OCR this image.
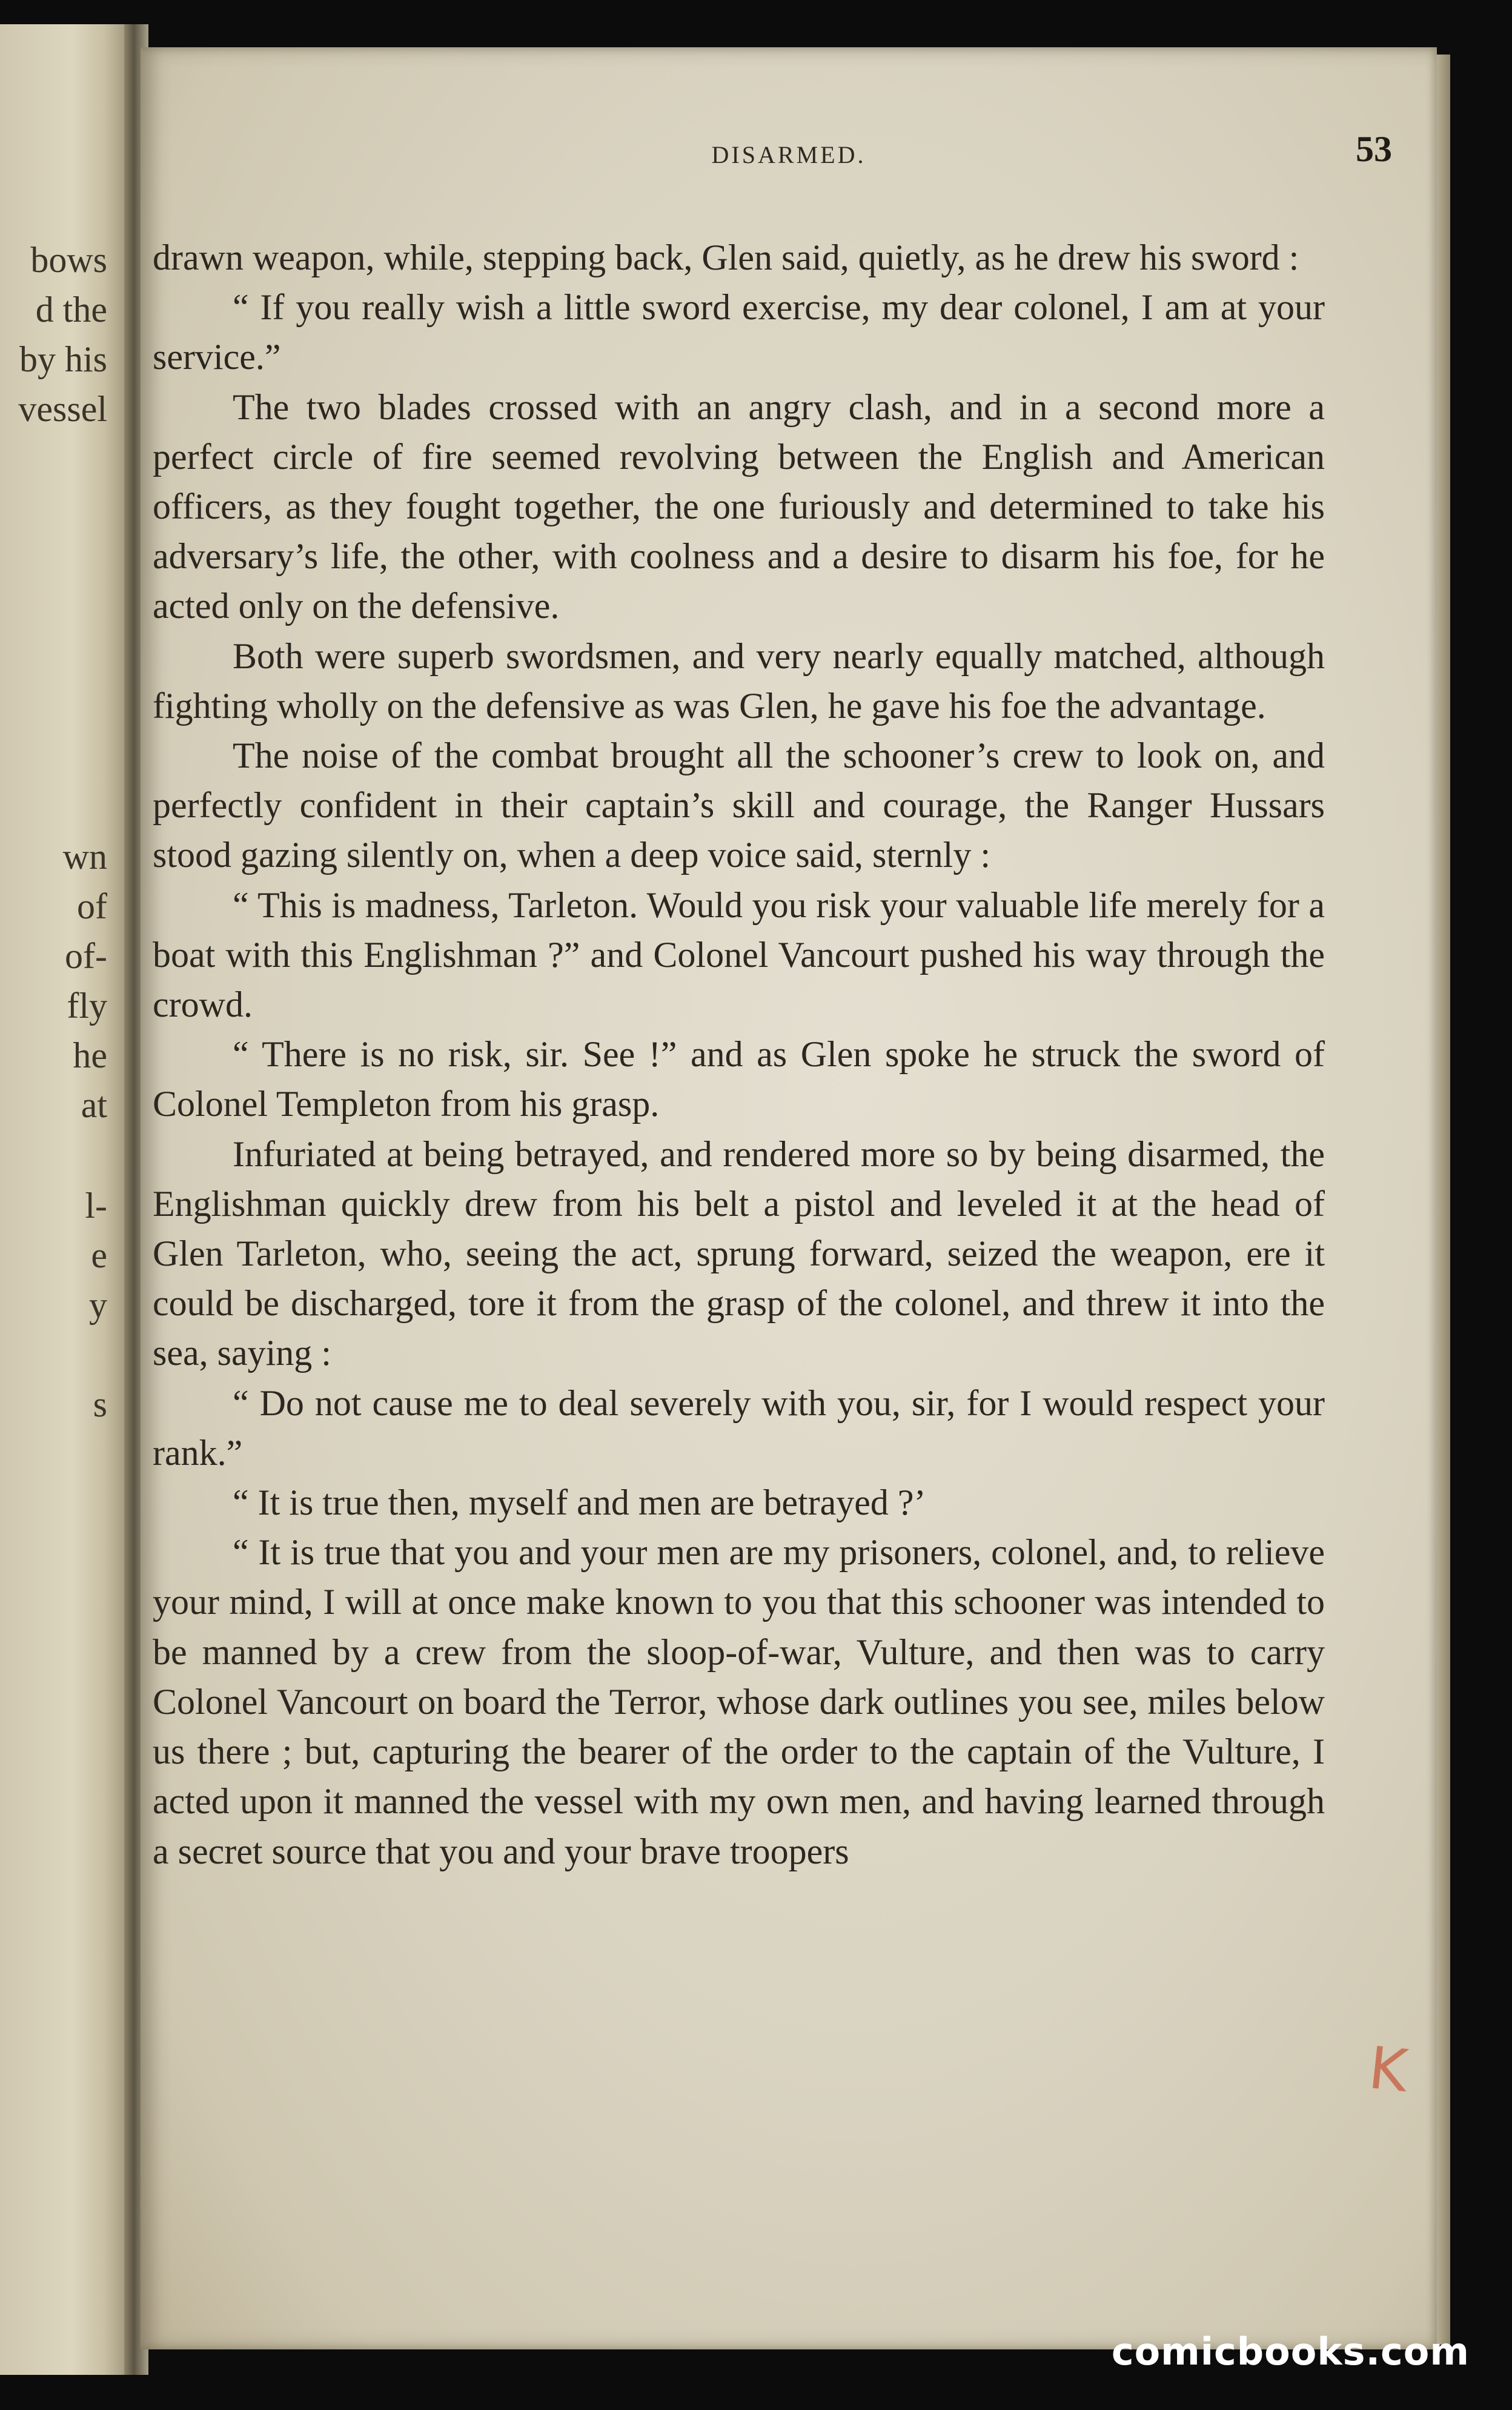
bows
d the
by his
vessel
wn
of
of-
fly
he
at
l-
e
y
s
DISARMED.	53

drawn weapon, while, stepping back, Glen said, quietly, as he drew his sword :

“ If you really wish a little sword exercise, my dear colonel, I am at your service.”

The two blades crossed with an angry clash, and in a second more a perfect circle of fire seemed revolving between the English and American officers, as they fought together, the one furiously and determined to take his adversary’s life, the other, with coolness and a desire to disarm his foe, for he acted only on the defensive.

Both were superb swordsmen, and very nearly equally matched, although fighting wholly on the defensive as was Glen, he gave his foe the advantage.

The noise of the combat brought all the schooner’s crew to look on, and perfectly confident in their captain’s skill and courage, the Ranger Hussars stood gazing silently on, when a deep voice said, sternly :

“ This is madness, Tarleton. Would you risk your valuable life merely for a boat with this Englishman ?” and Colonel Vancourt pushed his way through the crowd.

“ There is no risk, sir. See !” and as Glen spoke he struck the sword of Colonel Templeton from his grasp.

Infuriated at being betrayed, and rendered more so by being disarmed, the Englishman quickly drew from his belt a pistol and leveled it at the head of Glen Tarleton, who, seeing the act, sprung forward, seized the weapon, ere it could be discharged, tore it from the grasp of the colonel, and threw it into the sea, saying :

“ Do not cause me to deal severely with you, sir, for I would respect your rank.”

“ It is true then, myself and men are betrayed ?’

“ It is true that you and your men are my prisoners, colonel, and, to relieve your mind, I will at once make known to you that this schooner was intended to be manned by a crew from the sloop-of-war, Vulture, and then was to carry Colonel Vancourt on board the Terror, whose dark outlines you see, miles below us there ; but, capturing the bearer of the order to the captain of the Vulture, I acted upon it manned the vessel with my own men, and having learned through a secret source that you and your brave troopers

K
comicbooks.com
